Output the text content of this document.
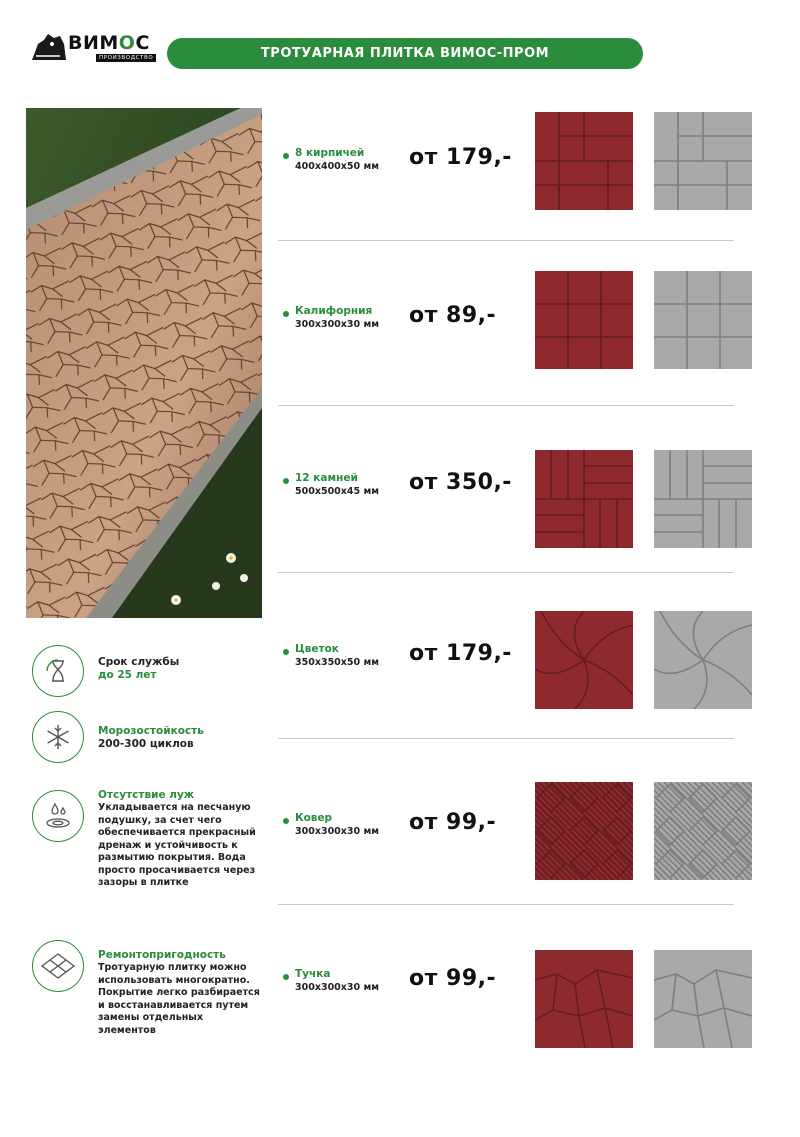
ВИМОС
ПРОИЗВОДСТВО	ТРОТУАРНАЯ ПЛИТКА ВИМОС-ПРОМ
Срок службы
до 25 лет
Морозостойкость
200-300 циклов
Отсутствие луж
Укладывается на песчаную подушку, за счет чего обеспечивается прекрасный дренаж и устойчивость к размытию покрытия. Вода просто просачивается через зазоры в плитке
Ремонтопригодность
Тротуарную плитку можно использовать многократно. Покрытие легко разбирается и восстанавливается путем замены отдельных элементов
8 кирпичей
400x400x50 мм от 179,-
Калифорния
300x300x30 мм от 89,-
12 камней
500x500x45 мм от 350,-
Цветок
350x350x50 мм от 179,-
Ковер
300x300x30 мм от 99,-
Тучка
300x300x30 мм от 99,-
